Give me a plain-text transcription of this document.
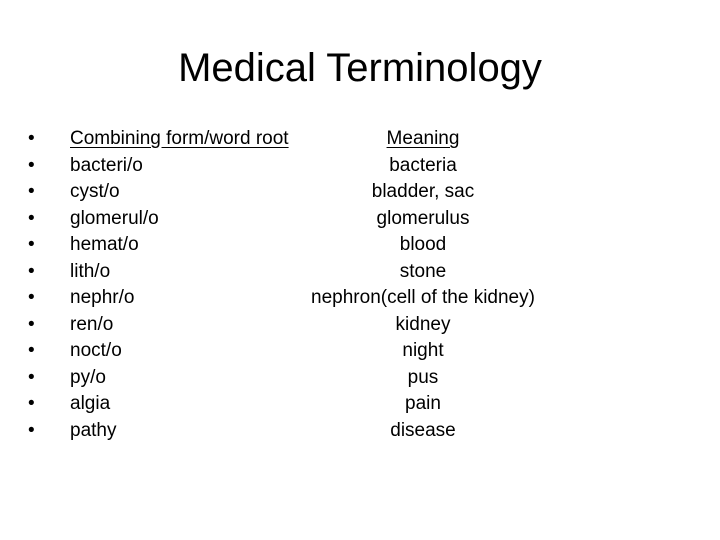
Medical Terminology
•	Combining form/word root	Meaning
•	bacteri/o	bacteria
•	cyst/o	bladder, sac
•	glomerul/o	glomerulus
•	hemat/o	blood
•	lith/o	stone
•	nephr/o	nephron(cell of the kidney)
•	ren/o	kidney
•	noct/o	night
•	py/o	pus
•	algia	pain
•	pathy	disease
